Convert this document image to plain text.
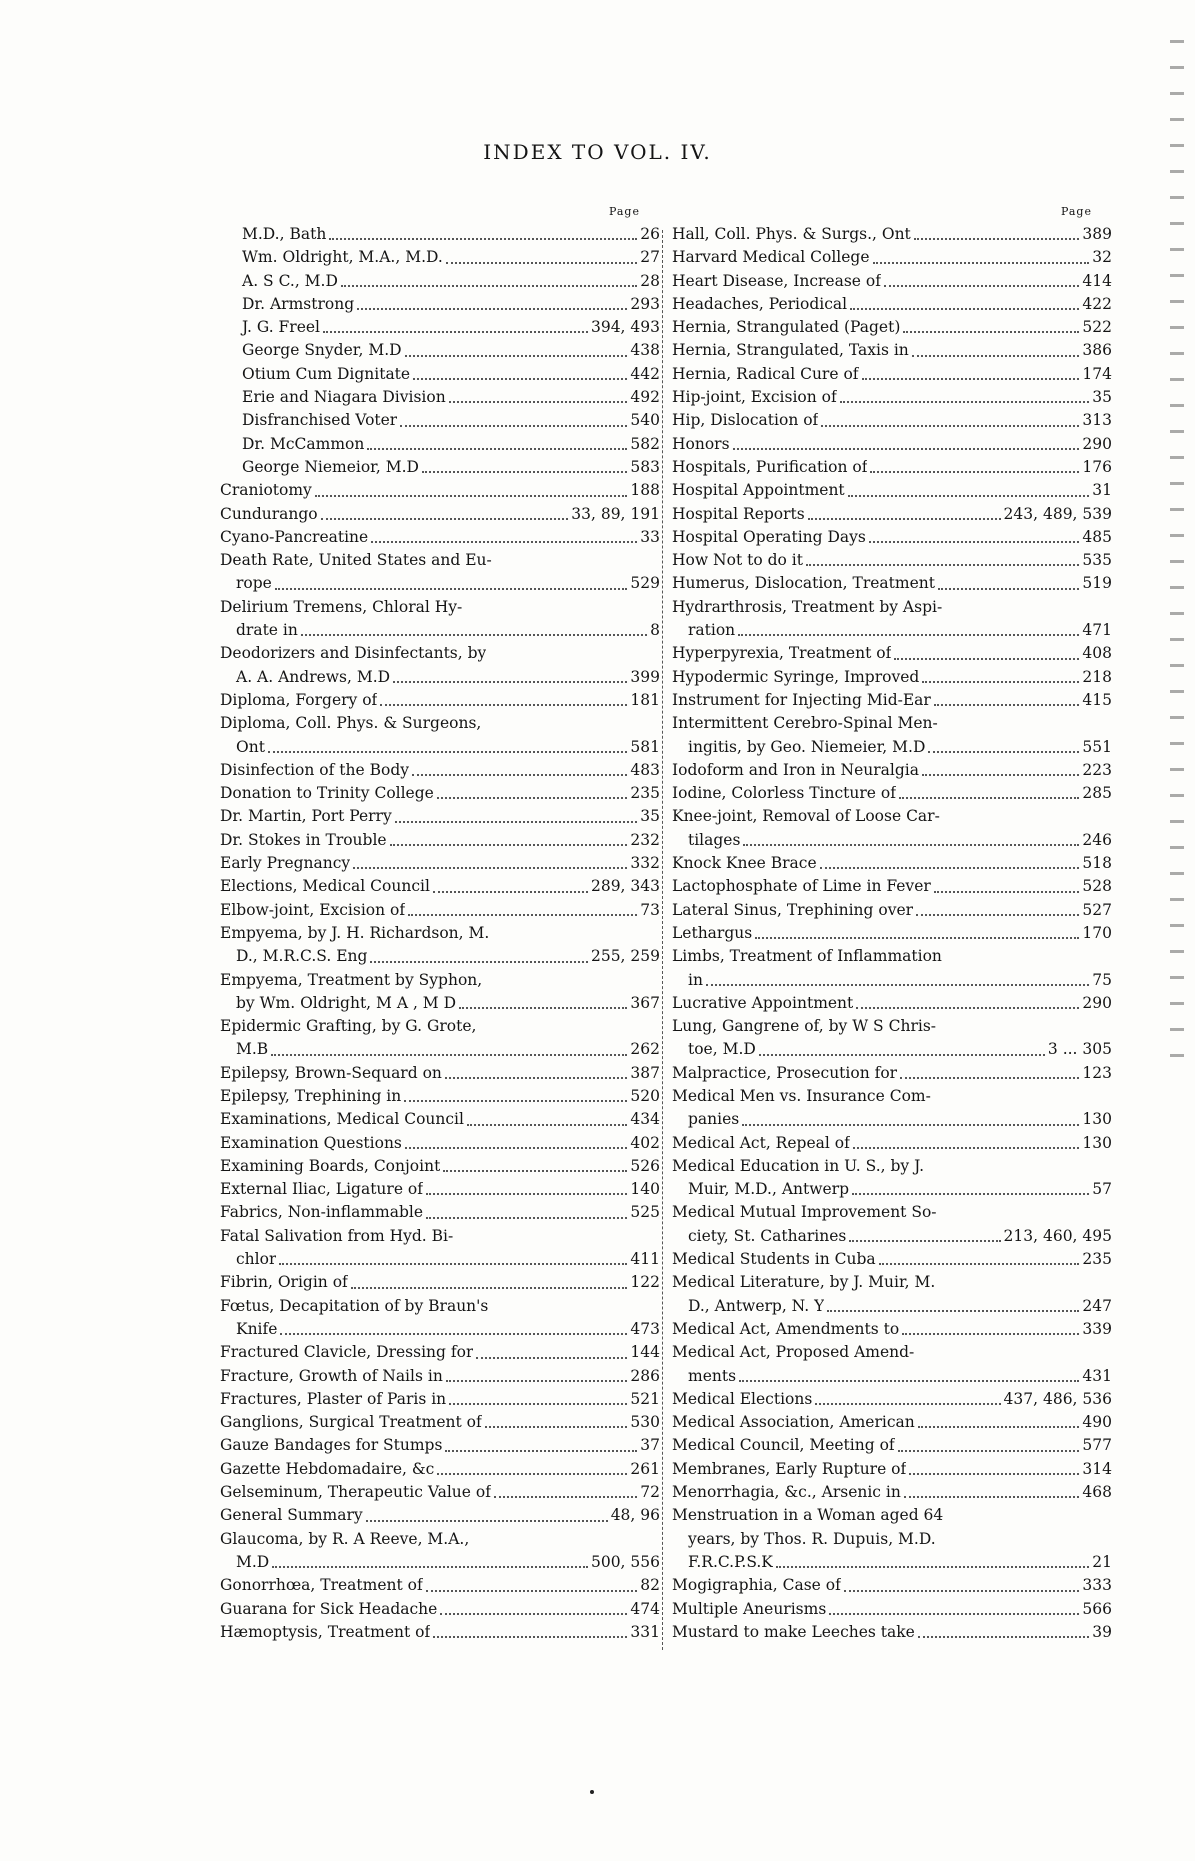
INDEX TO VOL. IV.
Page
M.D., Bath	26
Wm. Oldright, M.A., M.D.	27
A. S C., M.D	28
Dr. Armstrong	293
J. G. Freel	394, 493
George Snyder, M.D	438
Otium Cum Dignitate	442
Erie and Niagara Division	492
Disfranchised Voter	540
Dr. McCammon	582
George Niemeior, M.D	583
Craniotomy	188
Cundurango	33, 89, 191
Cyano-Pancreatine	33
Death Rate, United States and Eu-
rope	529
Delirium Tremens, Chloral Hy-
drate in	8
Deodorizers and Disinfectants, by
A. A. Andrews, M.D	399
Diploma, Forgery of	181
Diploma, Coll. Phys. & Surgeons,
Ont	581
Disinfection of the Body	483
Donation to Trinity College	235
Dr. Martin, Port Perry	35
Dr. Stokes in Trouble	232
Early Pregnancy	332
Elections, Medical Council	289, 343
Elbow-joint, Excision of	73
Empyema, by J. H. Richardson, M.
D., M.R.C.S. Eng	255, 259
Empyema, Treatment by Syphon,
by Wm. Oldright, M A , M D	367
Epidermic Grafting, by G. Grote,
M.B	262
Epilepsy, Brown-Sequard on	387
Epilepsy, Trephining in	520
Examinations, Medical Council	434
Examination Questions	402
Examining Boards, Conjoint	526
External Iliac, Ligature of	140
Fabrics, Non-inflammable	525
Fatal Salivation from Hyd. Bi-
chlor	411
Fibrin, Origin of	122
Fœtus, Decapitation of by Braun's
Knife	473
Fractured Clavicle, Dressing for	144
Fracture, Growth of Nails in	286
Fractures, Plaster of Paris in	521
Ganglions, Surgical Treatment of	530
Gauze Bandages for Stumps	37
Gazette Hebdomadaire, &c	261
Gelseminum, Therapeutic Value of	72
General Summary	48, 96
Glaucoma, by R. A Reeve, M.A.,
M.D	500, 556
Gonorrhœa, Treatment of	82
Guarana for Sick Headache	474
Hæmoptysis, Treatment of	331
Page
Hall, Coll. Phys. & Surgs., Ont	389
Harvard Medical College	32
Heart Disease, Increase of	414
Headaches, Periodical	422
Hernia, Strangulated (Paget)	522
Hernia, Strangulated, Taxis in	386
Hernia, Radical Cure of	174
Hip-joint, Excision of	35
Hip, Dislocation of	313
Honors	290
Hospitals, Purification of	176
Hospital Appointment	31
Hospital Reports	243, 489, 539
Hospital Operating Days	485
How Not to do it	535
Humerus, Dislocation, Treatment	519
Hydrarthrosis, Treatment by Aspi-
ration	471
Hyperpyrexia, Treatment of	408
Hypodermic Syringe, Improved	218
Instrument for Injecting Mid-Ear	415
Intermittent Cerebro-Spinal Men-
ingitis, by Geo. Niemeier, M.D	551
Iodoform and Iron in Neuralgia	223
Iodine, Colorless Tincture of	285
Knee-joint, Removal of Loose Car-
tilages	246
Knock Knee Brace	518
Lactophosphate of Lime in Fever	528
Lateral Sinus, Trephining over	527
Lethargus	170
Limbs, Treatment of Inflammation
in	75
Lucrative Appointment	290
Lung, Gangrene of, by W S Chris-
toe, M.D	3 ... 305
Malpractice, Prosecution for	123
Medical Men vs. Insurance Com-
panies	130
Medical Act, Repeal of	130
Medical Education in U. S., by J.
Muir, M.D., Antwerp	57
Medical Mutual Improvement So-
ciety, St. Catharines	213, 460, 495
Medical Students in Cuba	235
Medical Literature, by J. Muir, M.
D., Antwerp, N. Y	247
Medical Act, Amendments to	339
Medical Act, Proposed Amend-
ments	431
Medical Elections	437, 486, 536
Medical Association, American	490
Medical Council, Meeting of	577
Membranes, Early Rupture of	314
Menorrhagia, &c., Arsenic in	468
Menstruation in a Woman aged 64
years, by Thos. R. Dupuis, M.D.
F.R.C.P.S.K	21
Mogigraphia, Case of	333
Multiple Aneurisms	566
Mustard to make Leeches take	39
